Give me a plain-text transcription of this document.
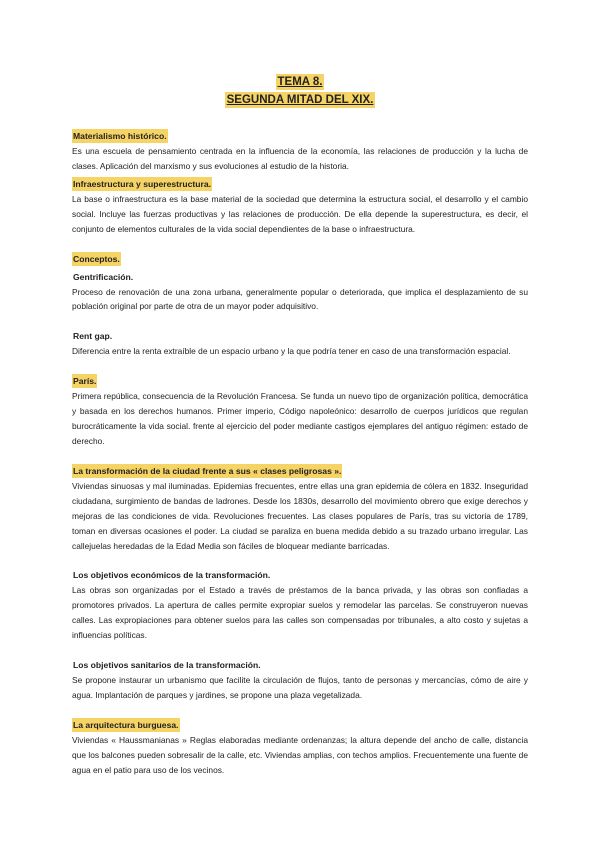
TEMA 8.
SEGUNDA MITAD DEL XIX.
Materialismo histórico.

Es una escuela de pensamiento centrada en la influencia de la economía, las relaciones de producción y la lucha de clases. Aplicación del marxismo y sus evoluciones al estudio de la historia.

Infraestructura y superestructura.

La base o infraestructura es la base material de la sociedad que determina la estructura social, el desarrollo y el cambio social. Incluye las fuerzas productivas y las relaciones de producción. De ella depende la superestructura, es decir, el conjunto de elementos culturales de la vida social dependientes de la base o infraestructura.

Conceptos.
Gentrificación.

Proceso de renovación de una zona urbana, generalmente popular o deteriorada, que implica el desplazamiento de su población original por parte de otra de un mayor poder adquisitivo.

Rent gap.

Diferencia entre la renta extraíble de un espacio urbano y la que podría tener en caso de una transformación espacial.

París.

Primera república, consecuencia de la Revolución Francesa. Se funda un nuevo tipo de organización política, democrática y basada en los derechos humanos. Primer imperio, Código napoleónico: desarrollo de cuerpos jurídicos que regulan burocráticamente la vida social. frente al ejercicio del poder mediante castigos ejemplares del antiguo régimen: estado de derecho.

La transformación de la ciudad frente a sus « clases peligrosas ».

Viviendas sinuosas y mal iluminadas. Epidemias frecuentes, entre ellas una gran epidemia de cólera en 1832. Inseguridad ciudadana, surgimiento de bandas de ladrones. Desde los 1830s, desarrollo del movimiento obrero que exige derechos y mejoras de las condiciones de vida. Revoluciones frecuentes. Las clases populares de París, tras su victoria de 1789, toman en diversas ocasiones el poder. La ciudad se paraliza en buena medida debido a su trazado urbano irregular. Las callejuelas heredadas de la Edad Media son fáciles de bloquear mediante barricadas.

Los objetivos económicos de la transformación.

Las obras son organizadas por el Estado a través de préstamos de la banca privada, y las obras son confiadas a promotores privados. La apertura de calles permite expropiar suelos y remodelar las parcelas. Se construyeron nuevas calles. Las expropiaciones para obtener suelos para las calles son compensadas por tribunales, a alto costo y sujetas a influencias políticas.

Los objetivos sanitarios de la transformación.

Se propone instaurar un urbanismo que facilite la circulación de flujos, tanto de personas y mercancías, cómo de aire y agua. Implantación de parques y jardines, se propone una plaza vegetalizada.

La arquitectura burguesa.

Viviendas « Haussmanianas » Reglas elaboradas mediante ordenanzas; la altura depende del ancho de calle, distancia que los balcones pueden sobresalir de la calle, etc. Viviendas amplias, con techos amplios. Frecuentemente una fuente de agua en el patio para uso de los vecinos.
